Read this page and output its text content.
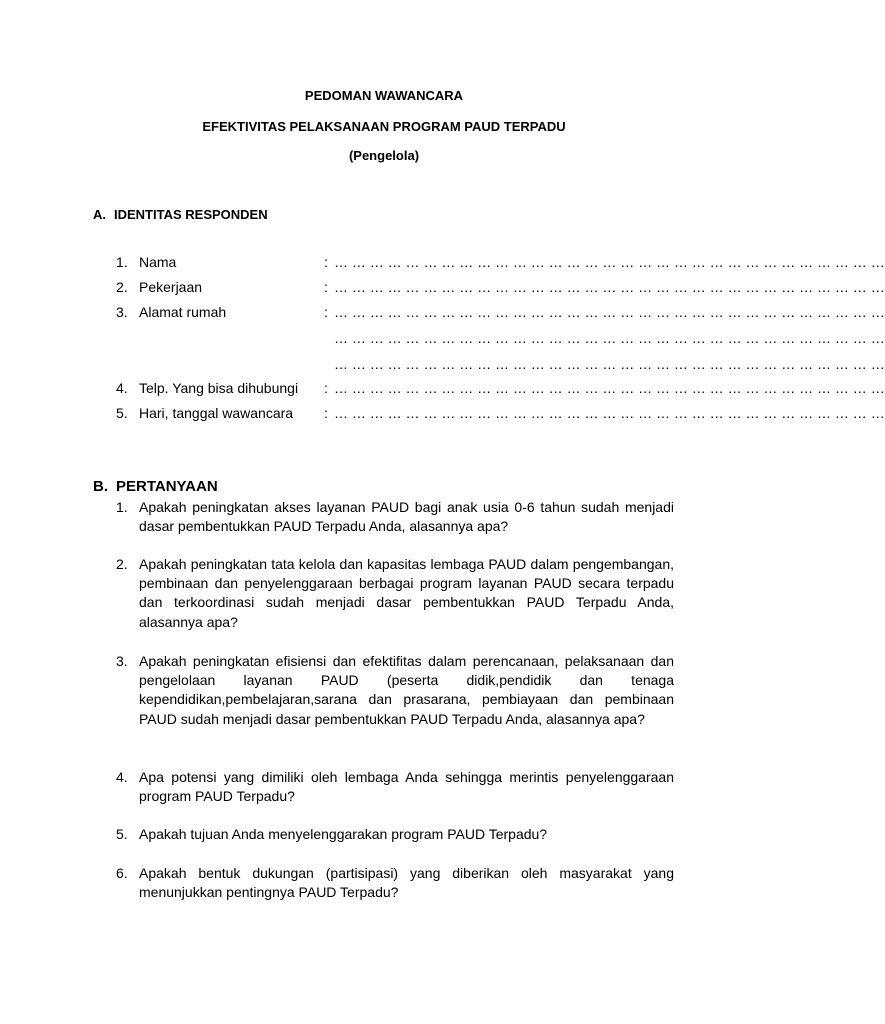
PEDOMAN WAWANCARA
EFEKTIVITAS PELAKSANAAN PROGRAM PAUD TERPADU
(Pengelola)
A. IDENTITAS RESPONDEN
1. Nama	: … … … … … … … … … … … … … … … … … … … … … … … … … … … … … … …
2. Pekerjaan	: … … … … … … … … … … … … … … … … … … … … … … … … … … … … … … …
3. Alamat rumah	: … … … … … … … … … … … … … … … … … … … … … … … … … … … … … … …
… … … … … … … … … … … … … … … … … … … … … … … … … … … … … … …
… … … … … … … … … … … … … … … … … … … … … … … … … … … … … … …
4. Telp. Yang bisa dihubungi : … … … … … … … … … … … … … … … … … … … … … … … … … … … … … … …
5. Hari, tanggal wawancara : … … … … … … … … … … … … … … … … … … … … … … … … … … … … … … …
B. PERTANYAAN
1. Apakah peningkatan akses layanan PAUD bagi anak usia 0-6 tahun sudah menjadi dasar pembentukkan PAUD Terpadu Anda, alasannya apa?
2. Apakah peningkatan tata kelola dan kapasitas lembaga PAUD dalam pengembangan, pembinaan dan penyelenggaraan berbagai program layanan PAUD secara terpadu dan terkoordinasi sudah menjadi dasar pembentukkan PAUD Terpadu Anda, alasannya apa?
3. Apakah peningkatan efisiensi dan efektifitas dalam perencanaan, pelaksanaan dan pengelolaan layanan PAUD (peserta didik,pendidik dan tenaga kependidikan,pembelajaran,sarana dan prasarana, pembiayaan dan pembinaan PAUD sudah menjadi dasar pembentukkan PAUD Terpadu Anda, alasannya apa?
4. Apa potensi yang dimiliki oleh lembaga Anda sehingga merintis penyelenggaraan program PAUD Terpadu?
5. Apakah tujuan Anda menyelenggarakan program PAUD Terpadu?
6. Apakah bentuk dukungan (partisipasi) yang diberikan oleh masyarakat yang menunjukkan pentingnya PAUD Terpadu?
